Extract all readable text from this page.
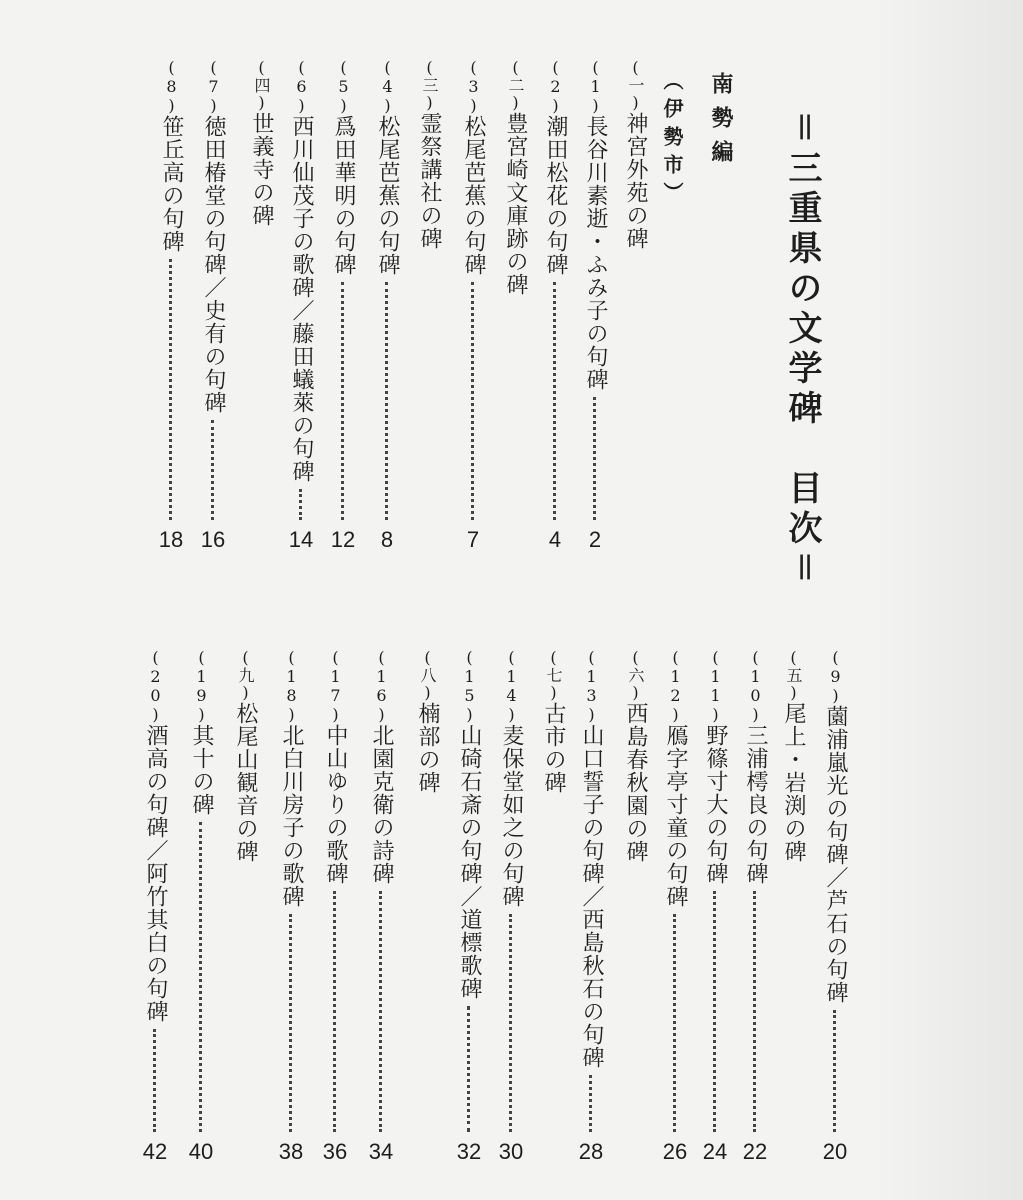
＝三重県の文学碑　目次＝
南勢編
（伊勢市）
(一)神宮外苑の碑
(1)長谷川素逝・ふみ子の句碑
2
(2)潮田松花の句碑
4
(二)豊宮崎文庫跡の碑
(3)松尾芭蕉の句碑
7
(三)霊祭講社の碑
(4)松尾芭蕉の句碑
8
(5)爲田華明の句碑
12
(6)西川仙茂子の歌碑／藤田蟻萊の句碑
14
(四)世義寺の碑
(7)徳田椿堂の句碑／史有の句碑
16
(8)笹丘高の句碑
18
(9)薗浦嵐光の句碑／芦石の句碑
20
(五)尾上・岩渕の碑
(10)三浦樗良の句碑
22
(11)野篠寸大の句碑
24
(12)鴈字亭寸童の句碑
26
(六)西島春秋園の碑
(13)山口誓子の句碑／西島秋石の句碑
28
(七)古市の碑
(14)麦保堂如之の句碑
30
(15)山碕石斎の句碑／道標歌碑
32
(八)楠部の碑
(16)北園克衛の詩碑
34
(17)中山ゆりの歌碑
36
(18)北白川房子の歌碑
38
(九)松尾山観音の碑
(19)其十の碑
40
(20)酒高の句碑／阿竹其白の句碑
42
